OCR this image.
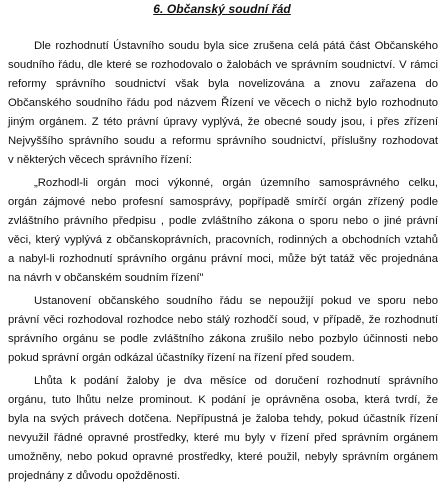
6. Občanský soudní řád
Dle rozhodnutí Ústavního soudu byla sice zrušena celá pátá část Občanského
soudního řádu, dle které se rozhodovalo o žalobách ve správním soudnictví. V rámci
reformy správního soudnictví však byla novelizována a znovu zařazena do
Občanského soudního řádu pod názvem Řízení ve věcech o nichž bylo rozhodnuto
jiným orgánem. Z této právní úpravy vyplývá, že obecné soudy jsou, i přes zřízení
Nejvyššího správního soudu a reformu správního soudnictví, příslušny rozhodovat
v některých věcech správního řízení:
„Rozhodl-li orgán moci výkonné, orgán územního samosprávného celku,
orgán zájmové nebo profesní samosprávy, popřípadě smírčí orgán zřízený podle
zvláštního právního předpisu , podle zvláštního zákona o sporu nebo o jiné právní
věci, který vyplývá z občanskoprávních, pracovních, rodinných a obchodních vztahů
a nabyl-li rozhodnutí správního orgánu právní moci, může být tatáž věc projednána
na návrh v občanském soudním řízení"
Ustanovení občanského soudního řádu se nepoužijí pokud ve sporu nebo
právní věci rozhodoval rozhodce nebo stálý rozhodčí soud, v případě, že rozhodnutí
správního orgánu se podle zvláštního zákona zrušilo nebo pozbylo účinnosti nebo
pokud správní orgán odkázal účastníky řízení na řízení před soudem.
Lhůta k podání žaloby je dva měsíce od doručení rozhodnutí správního
orgánu, tuto lhůtu nelze prominout. K podání je oprávněna osoba, která tvrdí, že
byla na svých právech dotčena. Nepřípustná je žaloba tehdy, pokud účastník řízení
nevyužil řádné opravné prostředky, které mu byly v řízení před správním orgánem
umožněny, nebo pokud opravné prostředky, které použil, nebyly správním orgánem
projednány z důvodu opožděnosti.
